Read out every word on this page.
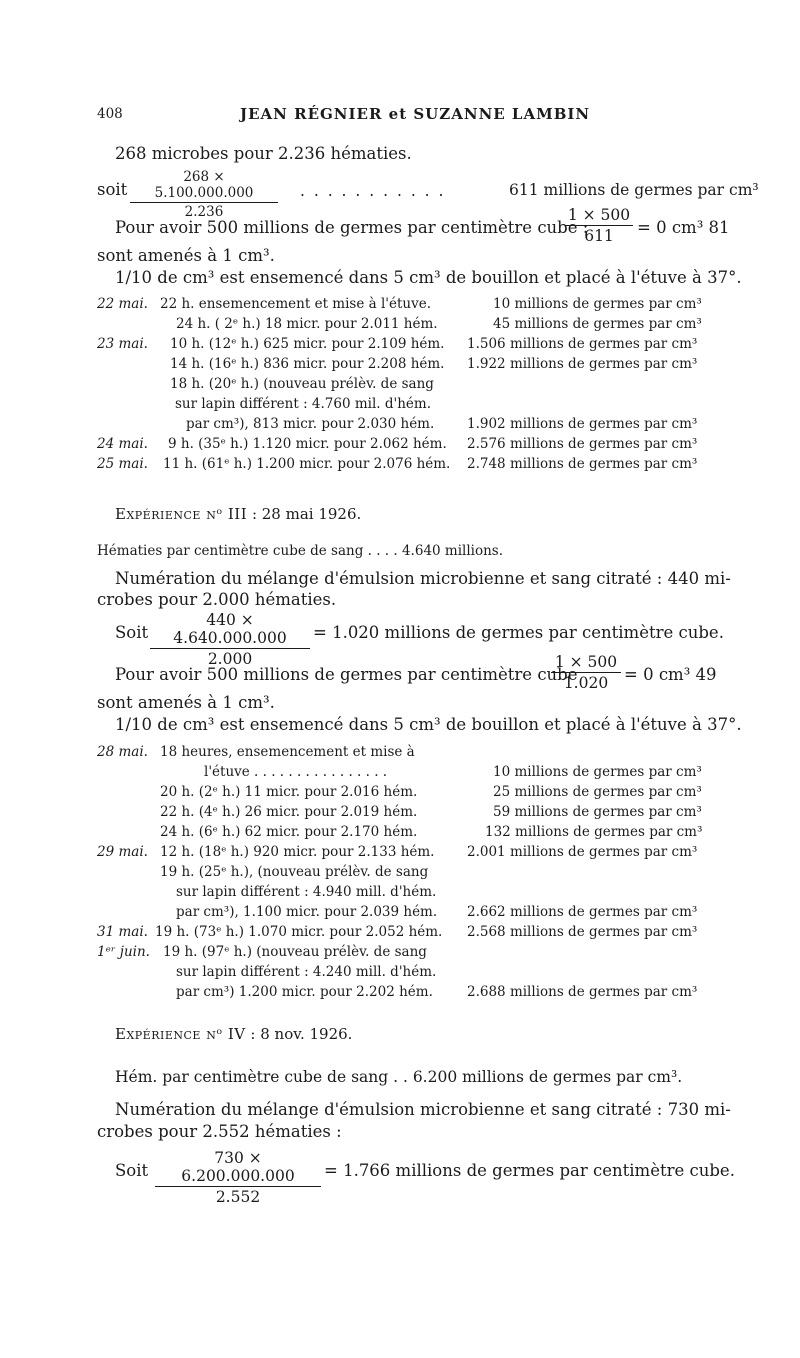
408	JEAN RÉGNIER et SUZANNE LAMBIN
268 microbes pour 2.236 hématies.
soit $\frac{268 \times 5.100.000.000}{2.236}$ . . . . . . . . . . .	611 millions de germes par cm³
Pour avoir 500 millions de germes par centimètre cube :
$\frac{1 \times 500}{611} = 0$ cm³ 81
sont amenés à 1 cm³.
1/10 de cm³ est ensemencé dans 5 cm³ de bouillon et placé à l'étuve à 37°.
22 mai. 22 h. ensemencement et mise à l'étuve.	10 millions de germes par cm³
24 h. ( 2ᵉ h.) 18 micr. pour 2.011 hém.	45 millions de germes par cm³
23 mai. 10 h. (12ᵉ h.) 625 micr. pour 2.109 hém. 1.506 millions de germes par cm³
14 h. (16ᵉ h.) 836 micr. pour 2.208 hém. 1.922 millions de germes par cm³
18 h. (20ᵉ h.) (nouveau prélèv. de sang
sur lapin différent : 4.760 mil. d'hém.
par cm³), 813 micr. pour 2.030 hém. 1.902 millions de germes par cm³
24 mai. 9 h. (35ᵉ h.) 1.120 micr. pour 2.062 hém. 2.576 millions de germes par cm³
25 mai. 11 h. (61ᵉ h.) 1.200 micr. pour 2.076 hém. 2.748 millions de germes par cm³
Expérience nᵒ III : 28 mai 1926.
Hématies par centimètre cube de sang . . . . 4.640 millions.
Numération du mélange d'émulsion microbienne et sang citraté : 440 mi-
crobes pour 2.000 hématies.
Soit $\frac{440 \times 4.640.000.000}{2.000} = 1.020$ millions de germes par centimètre cube.
Pour avoir 500 millions de germes par centimètre cube
$\frac{1 \times 500}{1.020} = 0$ cm³ 49
sont amenés à 1 cm³.
1/10 de cm³ est ensemencé dans 5 cm³ de bouillon et placé à l'étuve à 37°.
28 mai. 18 heures, ensemencement et mise à
l'étuve . . . . . . . . . . . . . . . .	10 millions de germes par cm³
20 h. (2ᵉ h.) 11 micr. pour 2.016 hém.	25 millions de germes par cm³
22 h. (4ᵉ h.) 26 micr. pour 2.019 hém.	59 millions de germes par cm³
24 h. (6ᵉ h.) 62 micr. pour 2.170 hém.	132 millions de germes par cm³
29 mai. 12 h. (18ᵉ h.) 920 micr. pour 2.133 hém. 2.001 millions de germes par cm³
19 h. (25ᵉ h.), (nouveau prélèv. de sang
sur lapin différent : 4.940 mill. d'hém.
par cm³), 1.100 micr. pour 2.039 hém. 2.662 millions de germes par cm³
31 mai. 19 h. (73ᵉ h.) 1.070 micr. pour 2.052 hém. 2.568 millions de germes par cm³
1ᵉʳ juin. 19 h. (97ᵉ h.) (nouveau prélèv. de sang
sur lapin différent : 4.240 mill. d'hém.
par cm³) 1.200 micr. pour 2.202 hém.	2.688 millions de germes par cm³
Expérience nᵒ IV : 8 nov. 1926.
Hém. par centimètre cube de sang . . 6.200 millions de germes par cm³.
Numération du mélange d'émulsion microbienne et sang citraté : 730 mi-
crobes pour 2.552 hématies :
Soit $\frac{730 \times 6.200.000.000}{2.552} = 1.766$ millions de germes par centimètre cube.
